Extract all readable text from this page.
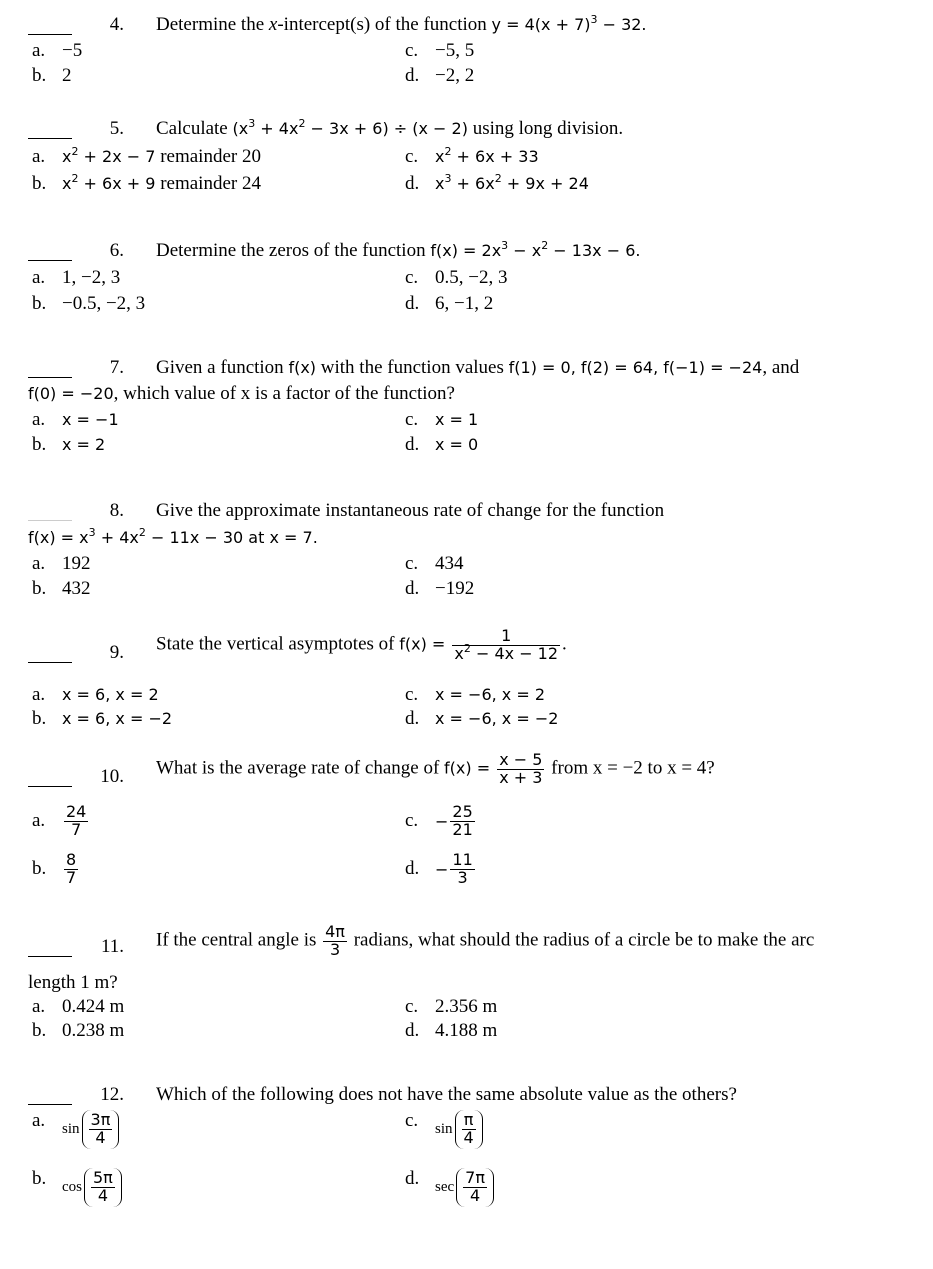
4. Determine the x-intercept(s) of the function $y = 4(x + 7)^3 - 32$.
a. −5
b. 2
c. −5, 5
d. −2, 2
5. Calculate $(x^3 + 4x^2 - 3x + 6) \div (x - 2)$ using long division.
a. $x^2 + 2x - 7$ remainder 20
b. $x^2 + 6x + 9$ remainder 24
c. $x^2 + 6x + 33$
d. $x^3 + 6x^2 + 9x + 24$
6. Determine the zeros of the function $f(x) = 2x^3 - x^2 - 13x - 6$.
a. 1, −2, 3
b. −0.5, −2, 3
c. 0.5, −2, 3
d. 6, −1, 2
7. Given a function f(x) with the function values f(1) = 0, f(2) = 64, f(−1) = −24, and
f(0) = −20, which value of x is a factor of the function?
a. x = −1
b. x = 2
c. x = 1
d. x = 0
8. Give the approximate instantaneous rate of change for the function
$f(x) = x^3 + 4x^2 - 11x - 30$ at x = 7.
a. 192
b. 432
c. 434
d. −192
9. State the vertical asymptotes of $f(x) = \frac{1}{x^2 - 4x - 12}$ .
a. x = 6, x = 2
b. x = 6, x = −2
c. x = −6, x = 2
d. x = −6, x = −2
10. What is the average rate of change of $f(x) = \frac{x - 5}{x + 3}$ from x = −2 to x = 4?
a. $\frac{24}{7}$
b. $\frac{8}{7}$
c. − $\frac{25}{21}$
d. − $\frac{11}{3}$
11. If the central angle is $\frac{4\pi}{3}$ radians, what should the radius of a circle be to make the arc
length 1 m?
a. 0.424 m
b. 0.238 m
c. 2.356 m
d. 4.188 m
12. Which of the following does not have the same absolute value as the others?
a. $\sin \frac{3\pi}{4}$
b. $\cos \frac{5\pi}{4}$
c. $\sin \frac{\pi}{4}$
d. $\sec \frac{7\pi}{4}$
